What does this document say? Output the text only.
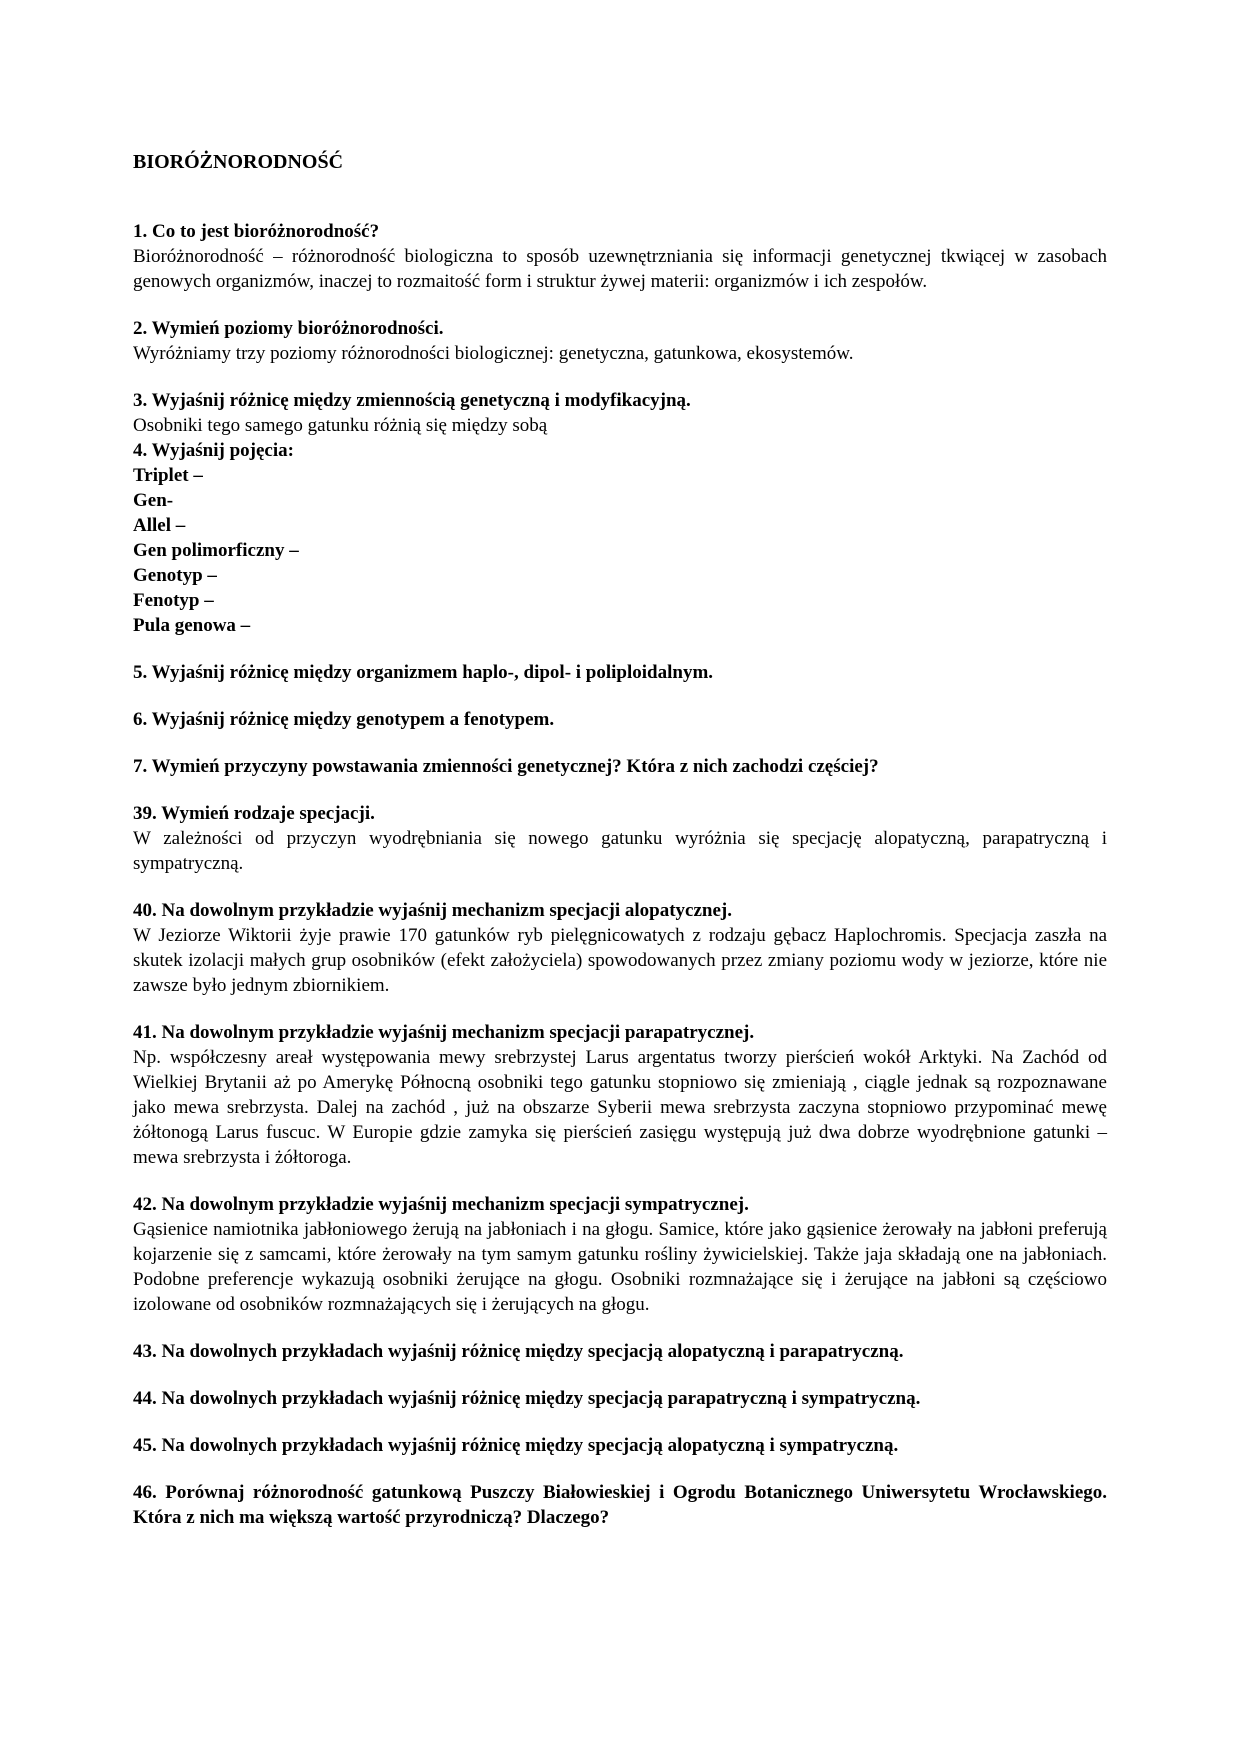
BIORÓŻNORODNOŚĆ

1. Co to jest bioróżnorodność?

Bioróżnorodność – różnorodność biologiczna to sposób uzewnętrzniania się informacji genetycznej tkwiącej w zasobach genowych organizmów, inaczej to rozmaitość form i struktur żywej materii: organizmów i ich zespołów.

2. Wymień poziomy bioróżnorodności.

Wyróżniamy trzy poziomy różnorodności biologicznej: genetyczna, gatunkowa, ekosystemów.

3. Wyjaśnij różnicę między zmiennością genetyczną i modyfikacyjną.

Osobniki tego samego gatunku różnią się między sobą

4. Wyjaśnij pojęcia:

Triplet –

Gen-

Allel –

Gen polimorficzny –

Genotyp –

Fenotyp –

Pula genowa –

5. Wyjaśnij różnicę między organizmem haplo-, dipol- i poliploidalnym.

6. Wyjaśnij różnicę między genotypem a fenotypem.

7. Wymień przyczyny powstawania zmienności genetycznej? Która z nich zachodzi częściej?

39. Wymień rodzaje specjacji.

W zależności od przyczyn wyodrębniania się nowego gatunku wyróżnia się specjację alopatyczną, parapatryczną i sympatryczną.

40. Na dowolnym przykładzie wyjaśnij mechanizm specjacji alopatycznej.

W Jeziorze Wiktorii żyje prawie 170 gatunków ryb pielęgnicowatych z rodzaju gębacz Haplochromis. Specjacja zaszła na skutek izolacji małych grup osobników (efekt założyciela) spowodowanych przez zmiany poziomu wody w jeziorze, które nie zawsze było jednym zbiornikiem.

41. Na dowolnym przykładzie wyjaśnij mechanizm specjacji parapatrycznej.

Np. współczesny areał występowania mewy srebrzystej Larus argentatus tworzy pierścień wokół Arktyki. Na Zachód od Wielkiej Brytanii aż po Amerykę Północną osobniki tego gatunku stopniowo się zmieniają , ciągle jednak są rozpoznawane jako mewa srebrzysta. Dalej na zachód , już na obszarze Syberii mewa srebrzysta zaczyna stopniowo przypominać mewę żółtonogą Larus fuscuc. W Europie gdzie zamyka się pierścień zasięgu występują już dwa dobrze wyodrębnione gatunki – mewa srebrzysta i żółtoroga.

42. Na dowolnym przykładzie wyjaśnij mechanizm specjacji sympatrycznej.

Gąsienice namiotnika jabłoniowego żerują na jabłoniach i na głogu. Samice, które jako gąsienice żerowały na jabłoni preferują kojarzenie się z samcami, które żerowały na tym samym gatunku rośliny żywicielskiej. Także jaja składają one na jabłoniach. Podobne preferencje wykazują osobniki żerujące na głogu. Osobniki rozmnażające się i żerujące na jabłoni są częściowo izolowane od osobników rozmnażających się i żerujących na głogu.

43. Na dowolnych przykładach wyjaśnij różnicę między specjacją alopatyczną i parapatryczną.

44. Na dowolnych przykładach wyjaśnij różnicę między specjacją parapatryczną i sympatryczną.

45. Na dowolnych przykładach wyjaśnij różnicę między specjacją alopatyczną i sympatryczną.

46. Porównaj różnorodność gatunkową Puszczy Białowieskiej i Ogrodu Botanicznego Uniwersytetu Wrocławskiego. Która z nich ma większą wartość przyrodniczą? Dlaczego?
